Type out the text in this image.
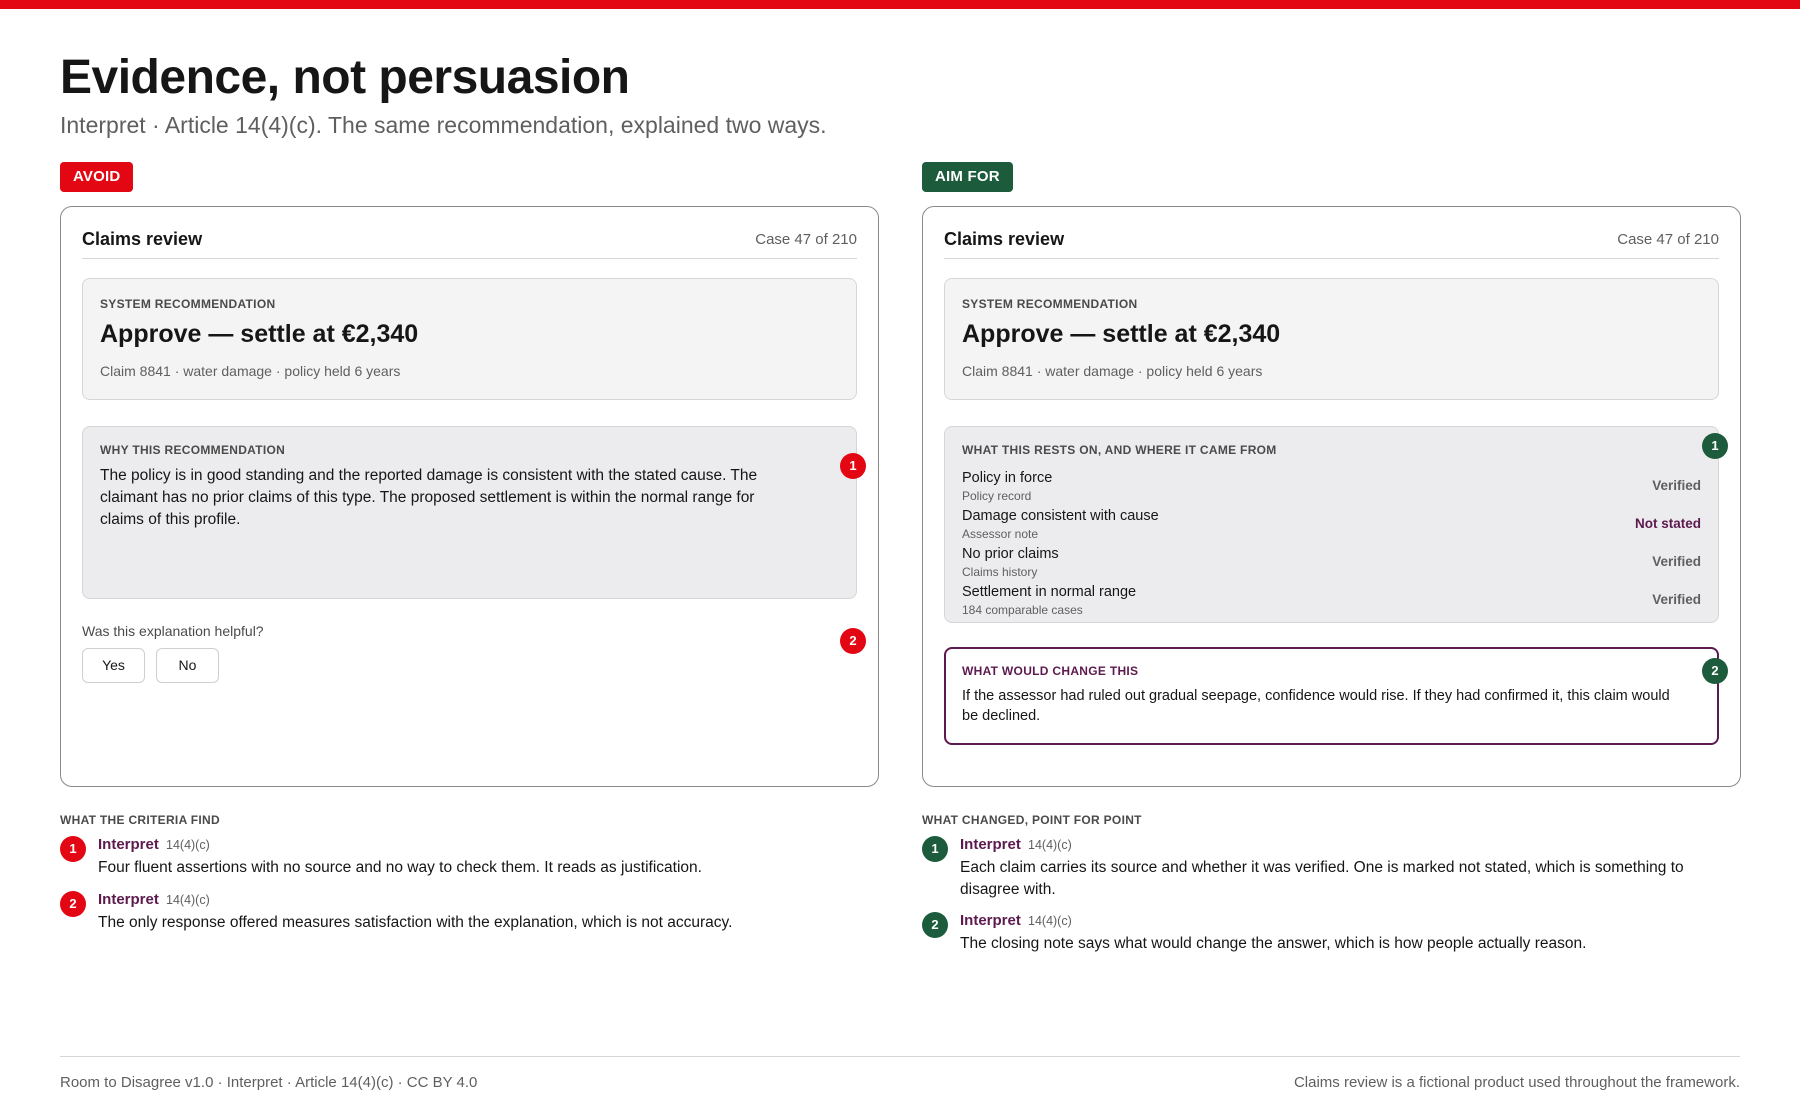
Evidence, not persuasion
Interpret · Article 14(4)(c). The same recommendation, explained two ways.
AVOID
Claims review	Case 47 of 210
SYSTEM RECOMMENDATION
Approve — settle at €2,340
Claim 8841 · water damage · policy held 6 years
WHY THIS RECOMMENDATION
The policy is in good standing and the reported damage is consistent with the stated cause. The claimant has no prior claims of this type. The proposed settlement is within the normal range for claims of this profile.
Was this explanation helpful?
Yes	No
1
2
AIM FOR
Claims review	Case 47 of 210
SYSTEM RECOMMENDATION
Approve — settle at €2,340
Claim 8841 · water damage · policy held 6 years
WHAT THIS RESTS ON, AND WHERE IT CAME FROM
Policy in force
Policy record
Verified
Damage consistent with cause
Assessor note
Not stated
No prior claims
Claims history
Verified
Settlement in normal range
184 comparable cases
Verified
WHAT WOULD CHANGE THIS
If the assessor had ruled out gradual seepage, confidence would rise. If they had confirmed it, this claim would be declined.
1
2
WHAT THE CRITERIA FIND
1	Interpret 14(4)(c)
Four fluent assertions with no source and no way to check them. It reads as justification.
2	Interpret 14(4)(c)
The only response offered measures satisfaction with the explanation, which is not accuracy.
WHAT CHANGED, POINT FOR POINT
1	Interpret 14(4)(c)
Each claim carries its source and whether it was verified. One is marked not stated, which is something to disagree with.
2	Interpret 14(4)(c)
The closing note says what would change the answer, which is how people actually reason.
Room to Disagree v1.0 · Interpret · Article 14(4)(c) · CC BY 4.0	Claims review is a fictional product used throughout the framework.
